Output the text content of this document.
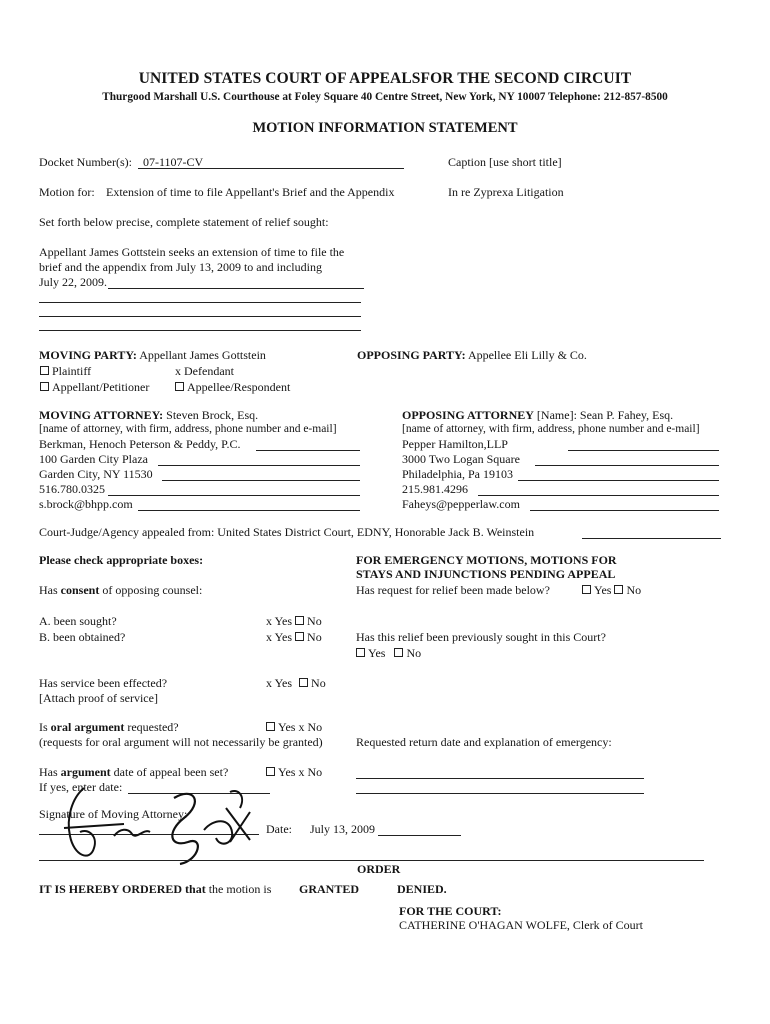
UNITED STATES COURT OF APPEALSFOR THE SECOND CIRCUIT
Thurgood Marshall U.S. Courthouse at Foley Square 40 Centre Street, New York, NY 10007 Telephone: 212-857-8500
MOTION INFORMATION STATEMENT
Docket Number(s): 07-1107-CV	Caption [use short title]
Motion for: Extension of time to file Appellant's Brief and the Appendix	In re Zyprexa Litigation
Set forth below precise, complete statement of relief sought:
Appellant James Gottstein seeks an extension of time to file the
brief and the appendix from July 13, 2009 to and including
July 22, 2009.
MOVING PARTY: Appellant James Gottstein	OPPOSING PARTY: Appellee Eli Lilly & Co.
Plaintiff	x Defendant
Appellant/Petitioner	Appellee/Respondent
MOVING ATTORNEY: Steven Brock, Esq.
[name of attorney, with firm, address, phone number and e-mail]
Berkman, Henoch Peterson & Peddy, P.C.
100 Garden City Plaza
Garden City, NY 11530
516.780.0325
s.brock@bhpp.com
OPPOSING ATTORNEY [Name]: Sean P. Fahey, Esq.
[name of attorney, with firm, address, phone number and e-mail]
Pepper Hamilton,LLP
3000 Two Logan Square
Philadelphia, Pa 19103
215.981.4296
Faheys@pepperlaw.com
Court-Judge/Agency appealed from: United States District Court, EDNY, Honorable Jack B. Weinstein
Please check appropriate boxes:	FOR EMERGENCY MOTIONS, MOTIONS FOR
STAYS AND INJUNCTIONS PENDING APPEAL
Has consent of opposing counsel:	Has request for relief been made below?	Yes No
A. been sought?	x Yes No
B. been obtained?	x Yes No	Has this relief been previously sought in this Court?
Yes No
Has service been effected?	x Yes No
[Attach proof of service]
Is oral argument requested?	Yes x No
(requests for oral argument will not necessarily be granted)	Requested return date and explanation of emergency:
Has argument date of appeal been set?	Yes x No
If yes, enter date:
Signature of Moving Attorney:
Date: July 13, 2009
ORDER
IT IS HEREBY ORDERED that the motion is GRANTED	DENIED.
FOR THE COURT:
CATHERINE O'HAGAN WOLFE, Clerk of Court
